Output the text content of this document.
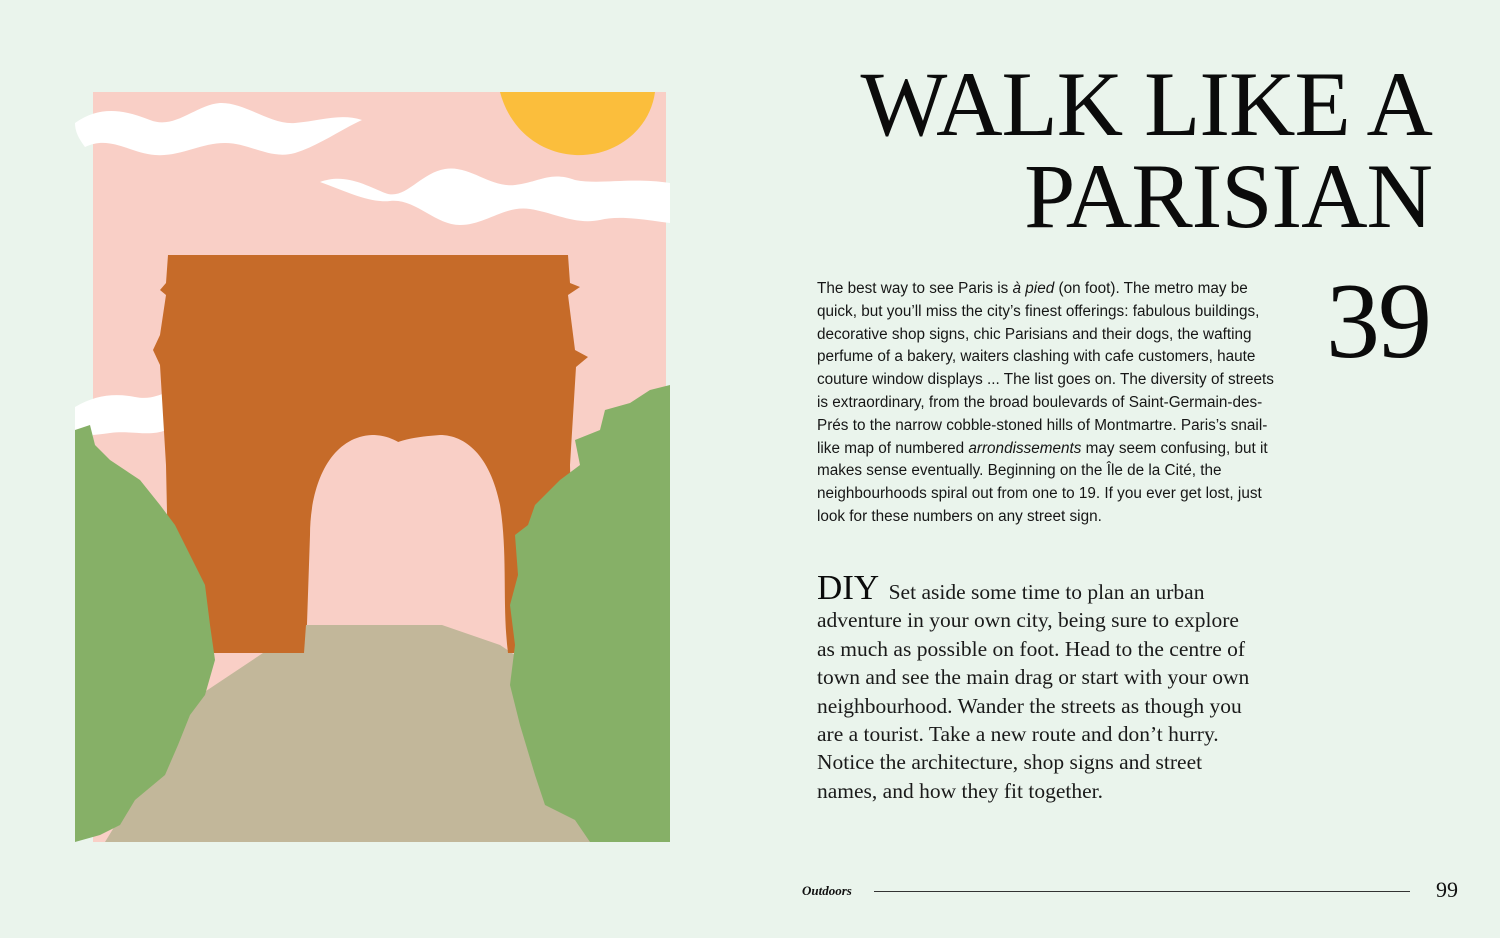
WALK LIKE A
PARISIAN
39

The best way to see Paris is à pied (on foot). The metro may be quick, but you’ll miss the city’s finest offerings: fabulous buildings, decorative shop signs, chic Parisians and their dogs, the wafting perfume of a bakery, waiters clashing with cafe customers, haute couture window displays ... The list goes on. The diversity of streets is extraordinary, from the broad boulevards of Saint-Germain-des-Prés to the narrow cobble-stoned hills of Montmartre. Paris’s snail-like map of numbered arrondissements may seem confusing, but it makes sense eventually. Beginning on the Île de la Cité, the neighbourhoods spiral out from one to 19. If you ever get lost, just look for these numbers on any street sign.

DIY Set aside some time to plan an urban adventure in your own city, being sure to explore as much as possible on foot. Head to the centre of town and see the main drag or start with your own neighbourhood. Wander the streets as though you are a tourist. Take a new route and don’t hurry. Notice the architecture, shop signs and street names, and how they fit together.

Outdoors	99
